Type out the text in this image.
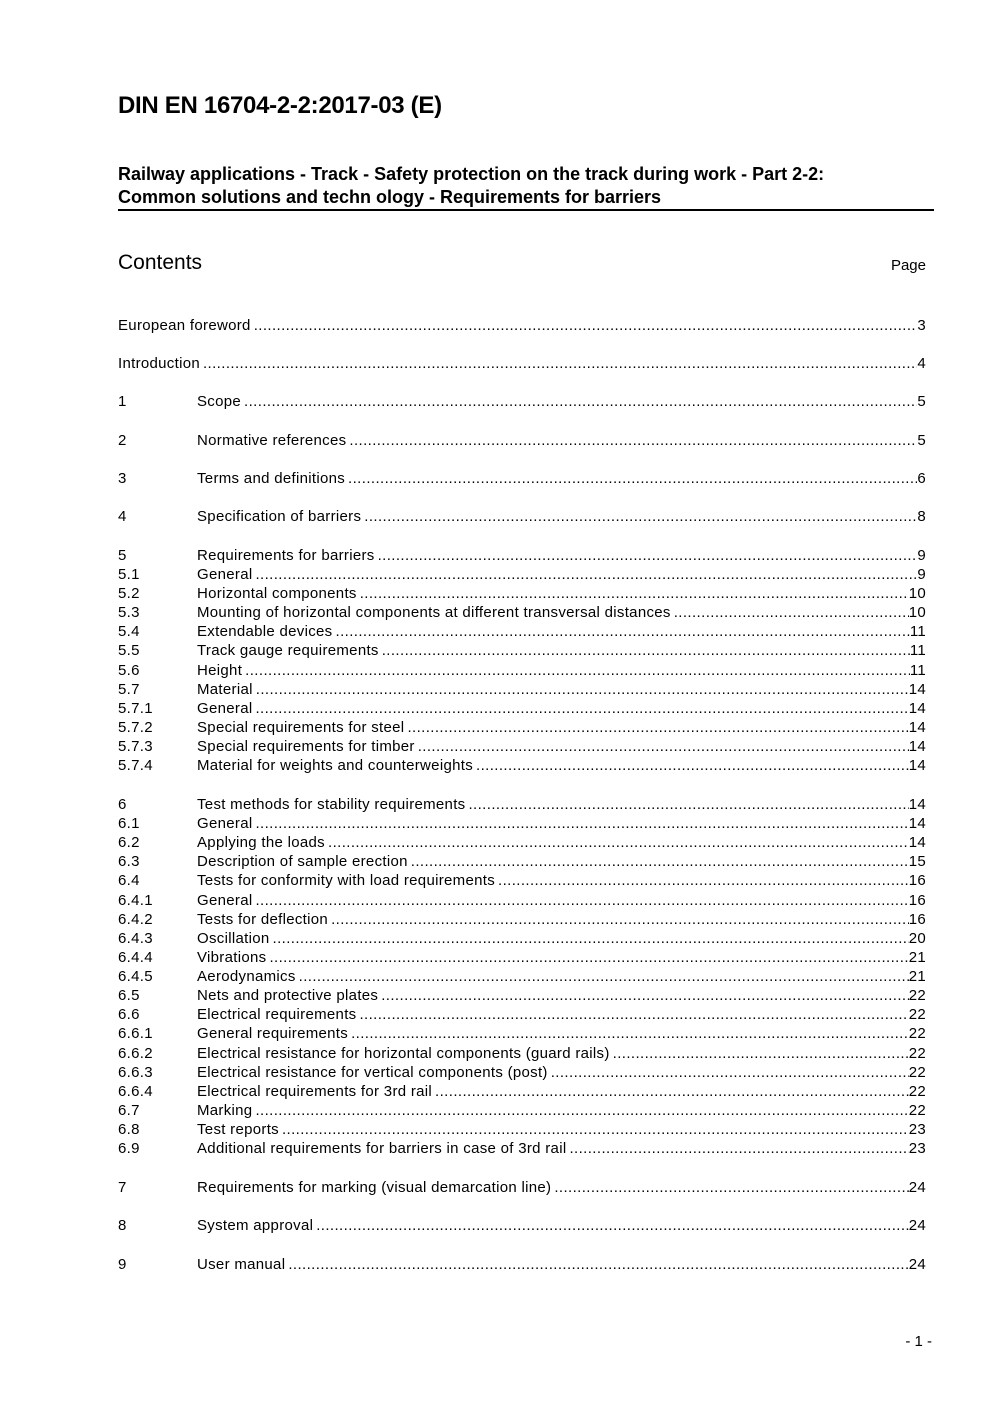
DIN EN 16704-2-2:2017-03 (E)
Railway applications - Track - Safety protection on the track during work - Part 2-2:
Common solutions and techn ology - Requirements for barriers
Contents	Page
European foreword .....	3
Introduction .....	4
1	Scope .....	5
2	Normative references .....	5
3	Terms and definitions .....	6
4	Specification of barriers .....	8
5	Requirements for barriers .....	9
5.1	General .....	9
5.2	Horizontal components .....	10
5.3	Mounting of horizontal components at different transversal distances .....	10
5.4	Extendable devices .....	11
5.5	Track gauge requirements .....	11
5.6	Height .....	11
5.7	Material .....	14
5.7.1	General .....	14
5.7.2	Special requirements for steel .....	14
5.7.3	Special requirements for timber .....	14
5.7.4	Material for weights and counterweights .....	14
6	Test methods for stability requirements .....	14
6.1	General .....	14
6.2	Applying the loads .....	14
6.3	Description of sample erection .....	15
6.4	Tests for conformity with load requirements .....	16
6.4.1	General .....	16
6.4.2	Tests for deflection .....	16
6.4.3	Oscillation .....	20
6.4.4	Vibrations .....	21
6.4.5	Aerodynamics .....	21
6.5	Nets and protective plates .....	22
6.6	Electrical requirements .....	22
6.6.1	General requirements .....	22
6.6.2	Electrical resistance for horizontal components (guard rails) .....	22
6.6.3	Electrical resistance for vertical components (post) .....	22
6.6.4	Electrical requirements for 3rd rail .....	22
6.7	Marking .....	22
6.8	Test reports .....	23
6.9	Additional requirements for barriers in case of 3rd rail .....	23
7	Requirements for marking (visual demarcation line) .....	24
8	System approval .....	24
9	User manual .....	24
- 1 -
